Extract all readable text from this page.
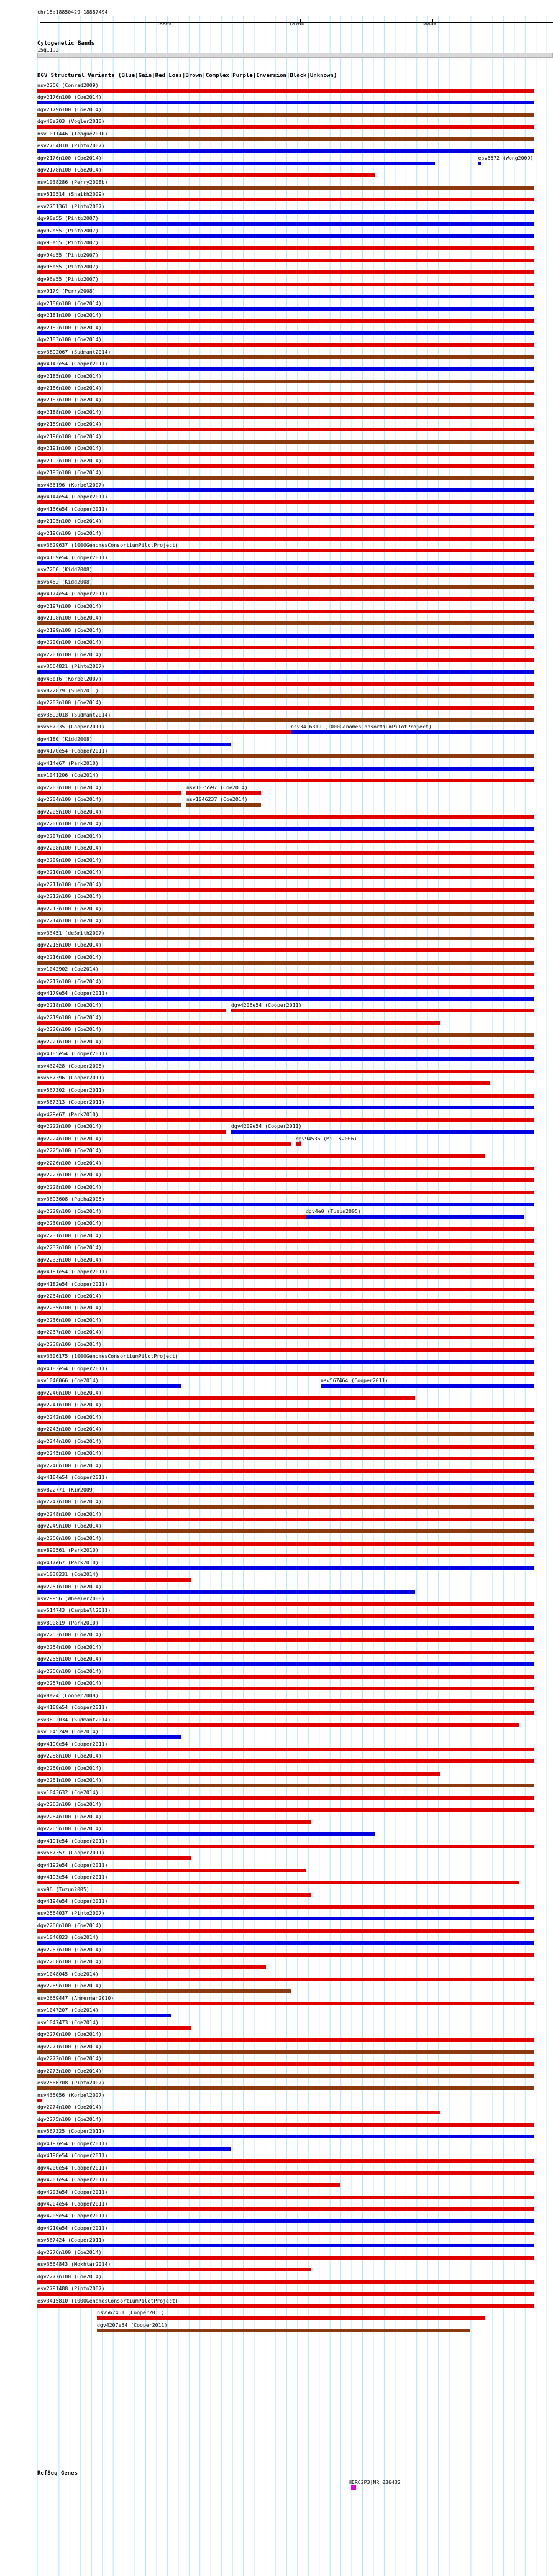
chr15:18850429-18887494
1860k	1870k	1880k
Cytogenetic Bands
15q11.2
DGV Structural Variants (Blue|Gain|Red|Loss|Brown|Complex|Purple|Inversion|Black|Unknown)
nsv2250 (Conrad2009)
dgv2176n100 (Coe2014)
dgv2179n100 (Coe2014)
dgv40e203 (Vogler2010)
nsv1011446 (Teague2010)
esv2764810 (Pinto2007)
dgv2176n100 (Coe2014)	esv6672 (Wong2009)
dgv2178n100 (Coe2014)
nsv1038286 (Perry2008b)
nsv510514 (Shaikh2009)
esv2751361 (Pinto2007)
dgv90e55 (Pinto2007)
dgv92e55 (Pinto2007)
dgv93e55 (Pinto2007)
dgv94e55 (Pinto2007)
dgv95e55 (Pinto2007)
dgv96e55 (Pinto2007)
nsv9179 (Perry2008)
dgv2180n100 (Coe2014)
dgv2181n100 (Coe2014)
dgv2182n100 (Coe2014)
dgv2183n100 (Coe2014)
esv3892067 (Sudmant2014)
dgv4142e54 (Cooper2011)
dgv2185n100 (Coe2014)
dgv2186n100 (Coe2014)
dgv2187n100 (Coe2014)
dgv2188n100 (Coe2014)
dgv2189n100 (Coe2014)
dgv2190n100 (Coe2014)
dgv2191n100 (Coe2014)
dgv2192n100 (Coe2014)
dgv2193n100 (Coe2014)
nsv436196 (Korbel2007)
dgv4144e54 (Cooper2011)
dgv4166e54 (Cooper2011)
dgv2195n100 (Coe2014)
dgv2196n100 (Coe2014)
esv3629637 (1000GenomesConsortiumPilotProject)
dgv4169e54 (Cooper2011)
nsv7260 (Kidd2008)
nsv6452 (Kidd2008)
dgv4174e54 (Cooper2011)
dgv2197n100 (Coe2014)
dgv2198n100 (Coe2014)
dgv2199n100 (Coe2014)
dgv2200n100 (Coe2014)
dgv2201n100 (Coe2014)
esv3564821 (Pinto2007)
dgv43e16 (Korbel2007)
nsv822879 (Suen2011)
dgv2202n100 (Coe2014)
esv3892018 (Sudmant2014)
nsv567235 (Cooper2011)	nsv3416319 (1000GenomesConsortiumPilotProject)
dgv4180 (Kidd2008)
dgv4170e54 (Cooper2011)
dgv414e67 (Park2010)
nsv1041206 (Coe2014)
dgv2203n100 (Coe2014)	nsv1035597 (Coe2014)
dgv2204n100 (Coe2014)	nsv1046237 (Coe2014)
dgv2205n100 (Coe2014)
dgv2206n100 (Coe2014)
dgv2207n100 (Coe2014)
dgv2208n100 (Coe2014)
dgv2209n100 (Coe2014)
dgv2210n100 (Coe2014)
dgv2211n100 (Coe2014)
dgv2212n100 (Coe2014)
dgv2213n100 (Coe2014)
dgv2214n100 (Coe2014)
nsv33451 (deSmith2007)
dgv2215n100 (Coe2014)
dgv2216n100 (Coe2014)
nsv1042902 (Coe2014)
dgv2217n100 (Coe2014)
dgv4179e54 (Cooper2011)
dgv2218n100 (Coe2014)	dgv4206e54 (Cooper2011)
dgv2219n100 (Coe2014)
dgv2220n100 (Coe2014)
dgv2221n100 (Coe2014)
dgv4185e54 (Cooper2011)
nsv432428 (Cooper2008)
nsv567396 (Cooper2011)
nsv567302 (Cooper2011)
nsv567313 (Cooper2011)
dgv429e67 (Park2010)
dgv2222n100 (Coe2014)	dgv4209e54 (Cooper2011)
dgv2224n100 (Coe2014)	dgv94536 (Mills2006)
dgv2225n100 (Coe2014)
dgv2226n100 (Coe2014)
dgv2227n100 (Coe2014)
dgv2228n100 (Coe2014)
nsv3693608 (Pacha2005)
dgv2229n100 (Coe2014)	dgv4e0 (Tuzun2005)
dgv2230n100 (Coe2014)
dgv2231n100 (Coe2014)
dgv2232n100 (Coe2014)
dgv2233n100 (Coe2014)
dgv4181e54 (Cooper2011)
dgv4182e54 (Cooper2011)
dgv2234n100 (Coe2014)
dgv2235n100 (Coe2014)
dgv2236n100 (Coe2014)
dgv2237n100 (Coe2014)
dgv2238n100 (Coe2014)
esv3306175 (1000GenomesConsortiumPilotProject)
dgv4183e54 (Cooper2011)
nsv1040066 (Coe2014)	nsv567464 (Cooper2011)
dgv2240n100 (Coe2014)
dgv2241n100 (Coe2014)
dgv2242n100 (Coe2014)
dgv2243n100 (Coe2014)
dgv2244n100 (Coe2014)
dgv2245n100 (Coe2014)
dgv2246n100 (Coe2014)
dgv4184e54 (Cooper2011)
nsv822771 (Kim2009)
dgv2247n100 (Coe2014)
dgv2248n100 (Coe2014)
dgv2249n100 (Coe2014)
dgv2250n100 (Coe2014)
nsv890561 (Park2010)
dgv417e67 (Park2010)
nsv1038231 (Coe2014)
dgv2251n100 (Coe2014)
nsv29956 (Wheeler2008)
nsv514743 (Campbell2011)
nsv890819 (Park2010)
dgv2253n100 (Coe2014)
dgv2254n100 (Coe2014)
dgv2255n100 (Coe2014)
dgv2256n100 (Coe2014)
dgv2257n100 (Coe2014)
dgv8e24 (Cooper2008)
dgv4188e54 (Cooper2011)
esv3892034 (Sudmant2014)
nsv1045249 (Coe2014)
dgv4190e54 (Cooper2011)
dgv2258n100 (Coe2014)
dgv2260n100 (Coe2014)
dgv2261n100 (Coe2014)
nsv1043632 (Coe2014)
dgv2263n100 (Coe2014)
dgv2264n100 (Coe2014)
dgv2265n100 (Coe2014)
dgv4191e54 (Cooper2011)
nsv567357 (Cooper2011)
dgv4192e54 (Cooper2011)
dgv4193e54 (Cooper2011)
nsv96 (Tuzun2005)
dgv4194e54 (Cooper2011)
esv2564037 (Pinto2007)
dgv2266n100 (Coe2014)
nsv1040823 (Coe2014)
dgv2267n100 (Coe2014)
dgv2268n100 (Coe2014)
nsv1048045 (Coe2014)
dgv2269n100 (Coe2014)
esv2659447 (Ahmerman2010)
nsv1047207 (Coe2014)
nsv1047473 (Coe2014)
dgv2270n100 (Coe2014)
dgv2271n100 (Coe2014)
dgv2272n100 (Coe2014)
dgv2273n100 (Coe2014)
esv2566708 (Pinto2007)
nsv435056 (Korbel2007)
dgv2274n100 (Coe2014)
dgv2275n100 (Coe2014)
nsv567325 (Cooper2011)
dgv4197e54 (Cooper2011)
dgv4198e54 (Cooper2011)
dgv4200e54 (Cooper2011)
dgv4201e54 (Cooper2011)
dgv4203e54 (Cooper2011)
dgv4204e54 (Cooper2011)
dgv4205e54 (Cooper2011)
dgv4210e54 (Cooper2011)
nsv567424 (Cooper2011)
dgv2276n100 (Coe2014)
esv3564843 (Mokhtar2014)
dgv2277n100 (Coe2014)
esv2791488 (Pinto2007)
esv3415810 (1000GenomesConsortiumPilotProject)
nsv567451 (Cooper2011)
dgv4207e54 (Cooper2011)
RefSeq Genes
HERC2P3|NR_036432
